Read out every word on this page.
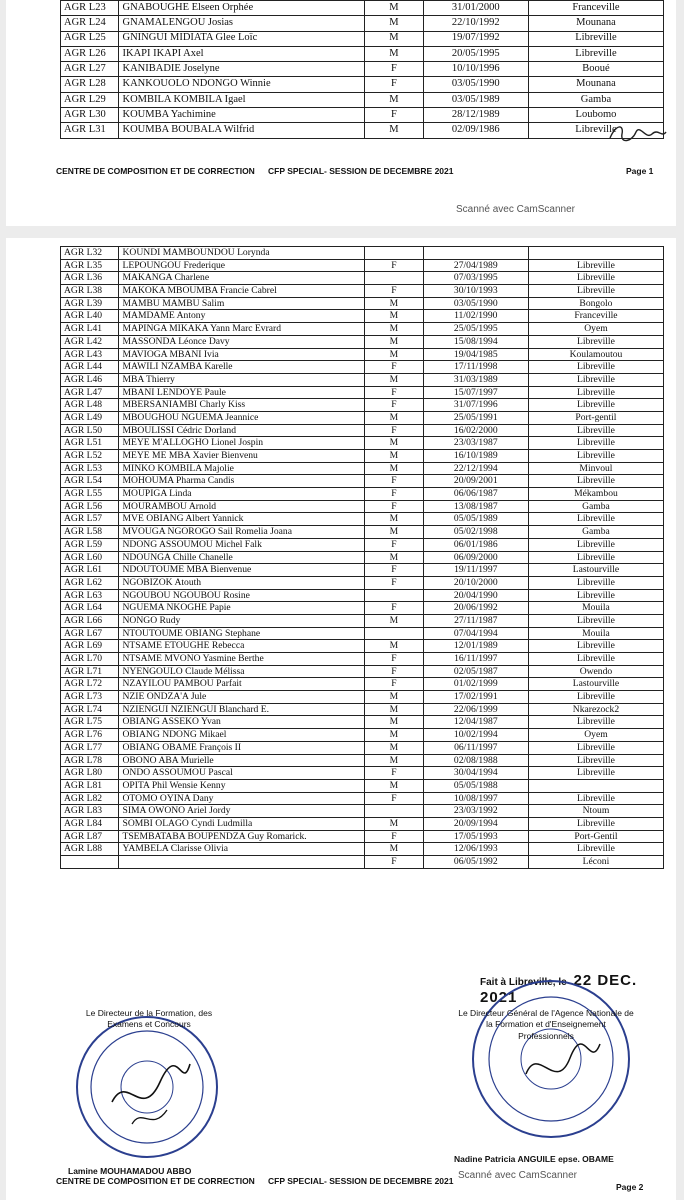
AGR L23	GNABOUGHE Elseen Orphée	M	31/01/2000	Franceville
AGR L24	GNAMALENGOU Josias	M	22/10/1992	Mounana
AGR L25	GNINGUI MIDIATA Glee Loïc	M	19/07/1992	Libreville
AGR L26	IKAPI IKAPI Axel	M	20/05/1995	Libreville
AGR L27	KANIBADIE Joselyne	F	10/10/1996	Booué
AGR L28	KANKOUOLO NDONGO Winnie	F	03/05/1990	Mounana
AGR L29	KOMBILA KOMBILA Igael	M	03/05/1989	Gamba
AGR L30	KOUMBA Yachimine	F	28/12/1989	Loubomo
AGR L31	KOUMBA BOUBALA Wilfrid	M	02/09/1986	Libreville
CENTRE DE COMPOSITION ET DE CORRECTION CFP SPECIAL- SESSION DE DECEMBRE 2021	Page 1
Scanné avec CamScanner
AGR L32	KOUNDI MAMBOUNDOU Lorynda			
AGR L35	LEPOUNGOU Frederique	F	27/04/1989	Libreville
AGR L36	MAKANGA Charlene		07/03/1995	Libreville
AGR L38	MAKOKA MBOUMBA Francie Cabrel	F	30/10/1993	Libreville
AGR L39	MAMBU MAMBU Salim	M	03/05/1990	Bongolo
AGR L40	MAMDAME Antony	M	11/02/1990	Franceville
AGR L41	MAPINGA MIKAKA Yann Marc Evrard	M	25/05/1995	Oyem
AGR L42	MASSONDA Léonce Davy	M	15/08/1994	Libreville
AGR L43	MAVIOGA MBANI Ivia	M	19/04/1985	Koulamoutou
AGR L44	MAWILI NZAMBA Karelle	F	17/11/1998	Libreville
AGR L46	MBA Thierry	M	31/03/1989	Libreville
AGR L47	MBANI LENDOYE Paule	F	15/07/1997	Libreville
AGR L48	MBERSANIAMBI Charly Kiss	F	31/07/1996	Libreville
AGR L49	MBOUGHOU NGUEMA Jeannice	M	25/05/1991	Port-gentil
AGR L50	MBOULISSI Cédric Dorland	F	16/02/2000	Libreville
AGR L51	MEYE M'ALLOGHO Lionel Jospin	M	23/03/1987	Libreville
AGR L52	MEYE ME MBA Xavier Bienvenu	M	16/10/1989	Libreville
AGR L53	MINKO KOMBILA Majolie	M	22/12/1994	Minvoul
AGR L54	MOHOUMA Pharma Candis	F	20/09/2001	Libreville
AGR L55	MOUPIGA Linda	F	06/06/1987	Mékambou
AGR L56	MOURAMBOU Arnold	F	13/08/1987	Gamba
AGR L57	MVE OBIANG Albert Yannick	M	05/05/1989	Libreville
AGR L58	MVOUGA NGOROGO Sail Romelia Joana	M	05/02/1998	Gamba
AGR L59	NDONG ASSOUMOU Michel Falk	F	06/01/1986	Libreville
AGR L60	NDOUNGA Chille Chanelle	M	06/09/2000	Libreville
AGR L61	NDOUTOUME MBA Bienvenue	F	19/11/1997	Lastourville
AGR L62	NGOBIZOK Atouth	F	20/10/2000	Libreville
AGR L63	NGOUBOU NGOUBOU Rosine		20/04/1990	Libreville
AGR L64	NGUEMA NKOGHE Papie	F	20/06/1992	Mouila
AGR L66	NONGO Rudy	M	27/11/1987	Libreville
AGR L67	NTOUTOUME OBIANG Stephane		07/04/1994	Mouila
AGR L69	NTSAME ETOUGHE Rebecca	M	12/01/1989	Libreville
AGR L70	NTSAME MVONO Yasmine Berthe	F	16/11/1997	Libreville
AGR L71	NYENGOULO Claude Mélissa	F	02/05/1987	Owendo
AGR L72	NZAYILOU PAMBOU Parfait	F	01/02/1999	Lastourville
AGR L73	NZIE ONDZA'A Jule	M	17/02/1991	Libreville
AGR L74	NZIENGUI NZIENGUI Blanchard E.	M	22/06/1999	Nkarezock2
AGR L75	OBIANG ASSEKO Yvan	M	12/04/1987	Libreville
AGR L76	OBIANG NDONG Mikael	M	10/02/1994	Oyem
AGR L77	OBIANG OBAME François II	M	06/11/1997	Libreville
AGR L78	OBONO ABA Murielle	M	02/08/1988	Libreville
AGR L80	ONDO ASSOUMOU Pascal	F	30/04/1994	Libreville
AGR L81	OPITA Phil Wensie Kenny	M	05/05/1988	
AGR L82	OTOMO OYINA Dany	F	10/08/1997	Libreville
AGR L83	SIMA OWONO Ariel Jordy		23/03/1992	Ntoum
AGR L84	SOMBI OLAGO Cyndi Ludmilla	M	20/09/1994	Libreville
AGR L87	TSEMBATABA BOUPENDZA Guy Romarick.	F	17/05/1993	Port-Gentil
AGR L88	YAMBELA Clarisse Olivia	M	12/06/1993	Libreville
		F	06/05/1992	Léconi
Fait à Libreville, le 22 DEC. 2021
Le Directeur de la Formation, des Examens et Concours
Lamine MOUHAMADOU ABBO
Le Directeur Général de l'Agence Nationale de la Formation et d'Enseignement Professionnels
Nadine Patricia ANGUILE epse. OBAME
CENTRE DE COMPOSITION ET DE CORRECTION CFP SPECIAL- SESSION DE DECEMBRE 2021
Page 2
Scanné avec CamScanner
